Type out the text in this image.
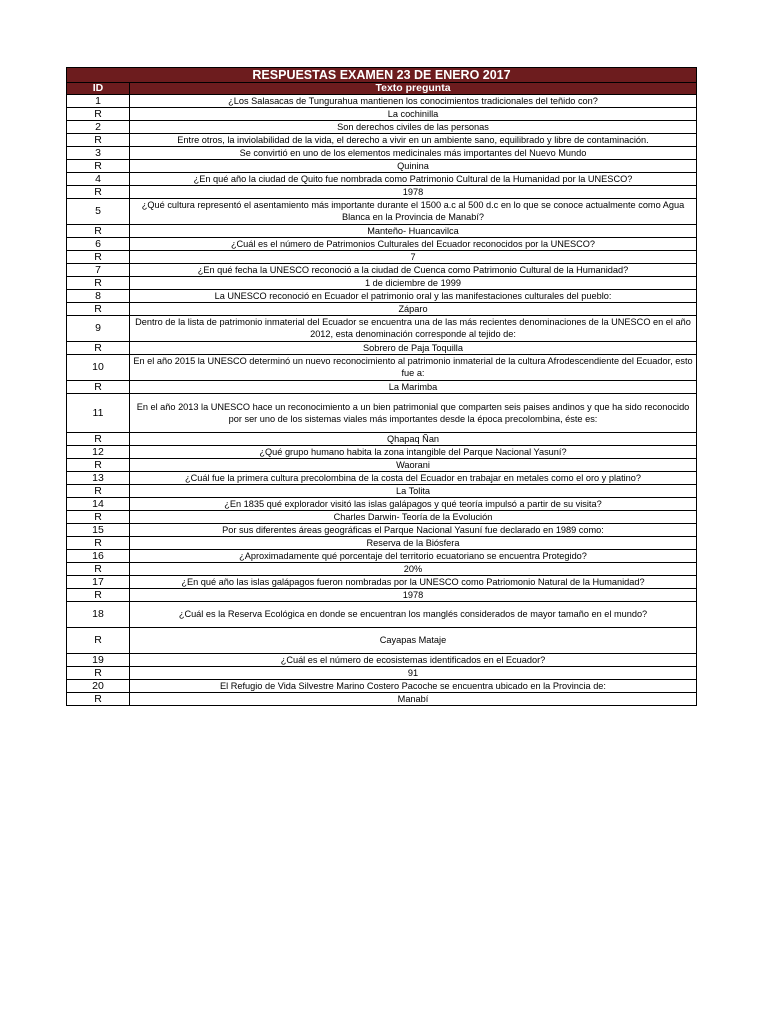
RESPUESTAS EXAMEN 23 DE ENERO 2017	
ID	Texto pregunta
1	¿Los Salasacas de Tungurahua mantienen los conocimientos tradicionales del teñido con?
R	La cochinilla
2	Son derechos civiles de las personas
R	Entre otros, la inviolabilidad de la vida, el derecho a vivir en un ambiente sano, equilibrado y libre de contaminación.
3	Se convirtió en uno de los elementos medicinales más importantes del Nuevo Mundo
R	Quinina
4	¿En qué año la ciudad de Quito fue nombrada como Patrimonio Cultural de la Humanidad por la UNESCO?
R	1978
5	¿Qué cultura representó el asentamiento más importante durante el 1500 a.c al 500 d.c en lo que se conoce actualmente como Agua Blanca en la Provincia de Manabí?
R	Manteño- Huancavilca
6	¿Cuál es el número de Patrimonios Culturales del Ecuador reconocidos por la UNESCO?
R	7
7	¿En qué fecha la UNESCO reconoció a la ciudad de Cuenca como Patrimonio Cultural de la Humanidad?
R	1 de diciembre de 1999
8	La UNESCO reconoció en Ecuador el patrimonio oral y las manifestaciones culturales del pueblo:
R	Záparo
9	Dentro de la lista de patrimonio inmaterial del Ecuador se encuentra una de las más recientes denominaciones de la UNESCO en el año 2012, esta denominación corresponde al tejido de:
R	Sobrero de Paja Toquilla
10	En el año 2015 la UNESCO determinó un nuevo reconocimiento al patrimonio inmaterial de la cultura Afrodescendiente del Ecuador, esto fue a:
R	La Marimba
11	En el año 2013 la UNESCO hace un reconocimiento a un bien patrimonial que comparten seis paises andinos y que ha sido reconocido por ser uno de los sistemas viales más importantes desde la época precolombina, éste es:
R	Qhapaq Ñan
12	¿Qué grupo humano habita la zona intangible del Parque Nacional Yasuní?
R	Waorani
13	¿Cuál fue la primera cultura precolombina de la costa del Ecuador en trabajar en metales como el oro y platino?
R	La Tolita
14	¿En 1835 qué explorador visitó las islas galápagos y qué teoría impulsó a partir de su visita?
R	Charles Darwin- Teoría de la Evolución
15	Por sus diferentes áreas geográficas el Parque Nacional Yasuní fue declarado en 1989 como:
R	Reserva de la Biósfera
16	¿Aproximadamente qué porcentaje del territorio ecuatoriano se encuentra Protegido?
R	20%
17	¿En qué año las islas galápagos fueron nombradas por la UNESCO como Patriomonio Natural de la Humanidad?
R	1978
18	¿Cuál es la Reserva Ecológica en donde se encuentran los manglés considerados de mayor tamaño en el mundo?
R	Cayapas Mataje
19	¿Cuál es el número de ecosistemas identificados en el Ecuador?
R	91
20	El Refugio de Vida Silvestre Marino Costero Pacoche se encuentra ubicado en la Provincia de:
R	Manabí
